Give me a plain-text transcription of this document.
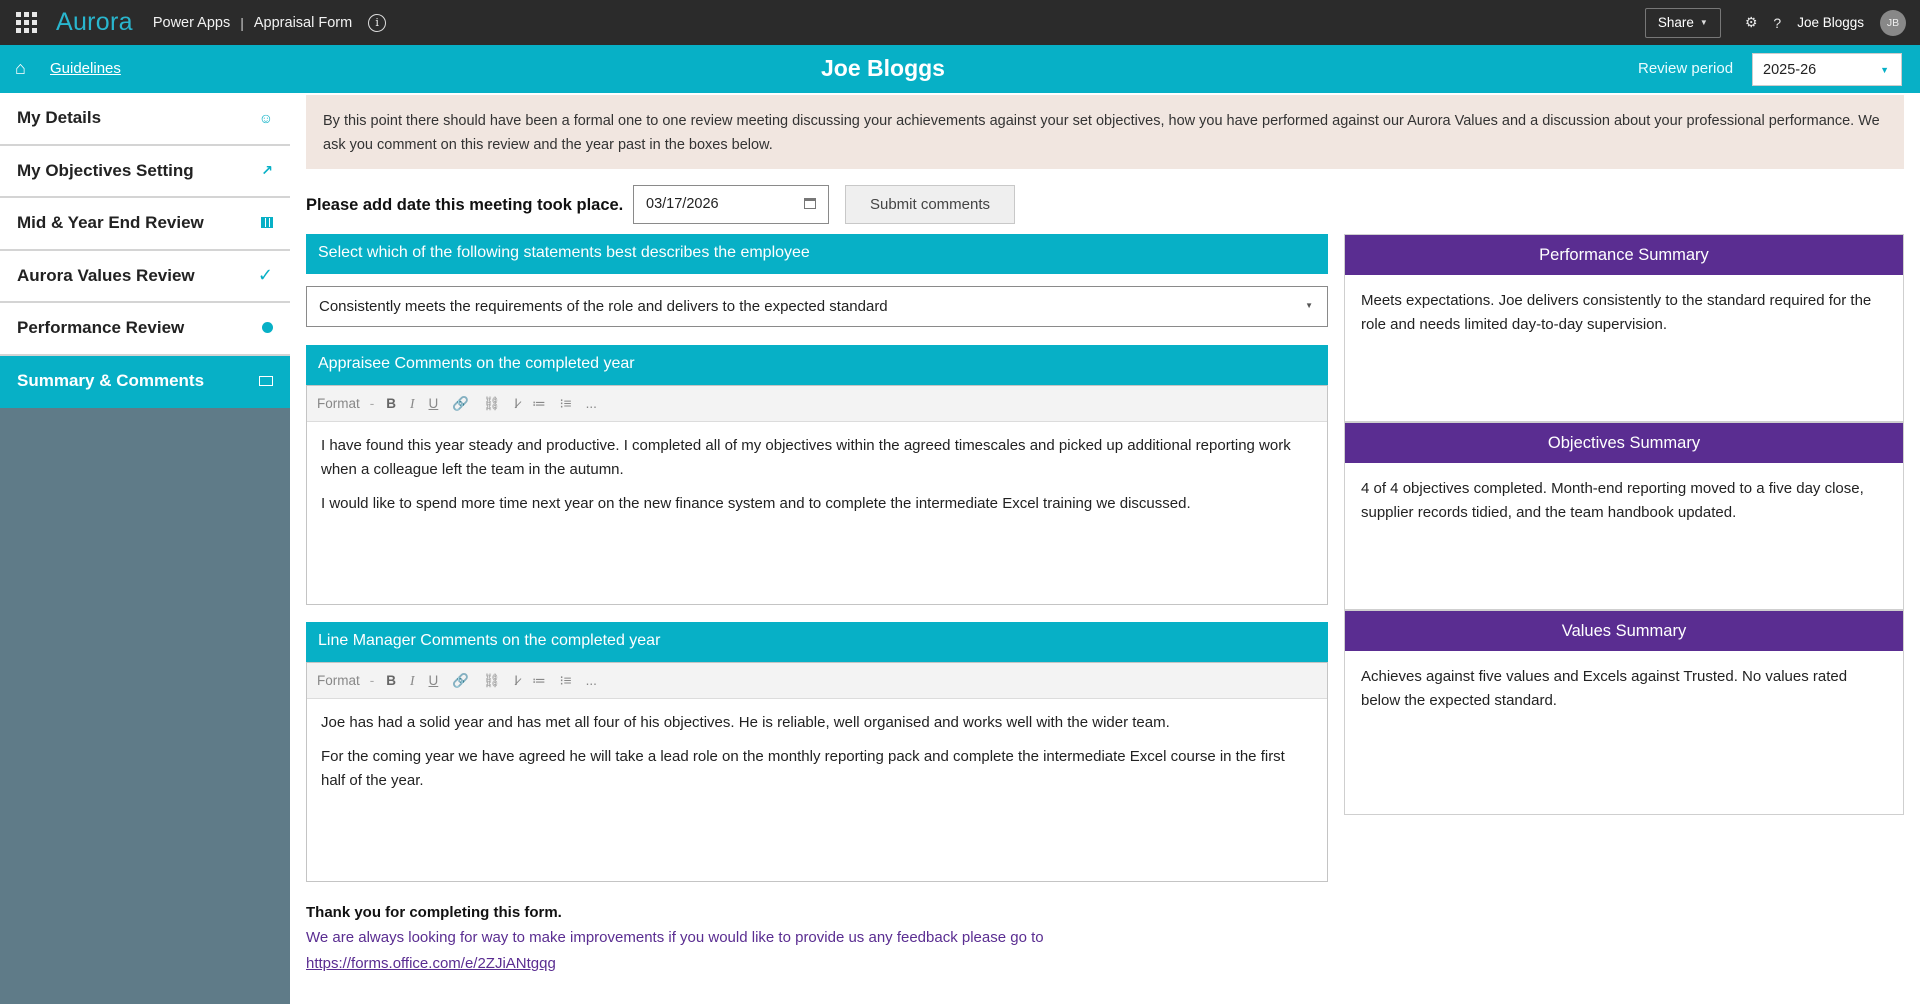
Aurora Power Apps | Appraisal Form	i	Share ▼	⚙ ? Joe Bloggs	JB
⌂ Guidelines	Joe Bloggs	Review period	2025-26	▼
My Details	☺
My Objectives Setting	↗
Mid & Year End Review
Aurora Values Review	✓
Performance Review
Summary & Comments
By this point there should have been a formal one to one review meeting discussing your achievements against your set objectives, how you have performed against our Aurora Values and a discussion about your professional performance. We ask you comment on this review and the year past in the boxes below.
Please add date this meeting took place.	03/17/2026	Submit comments
Select which of the following statements best describes the employee
Consistently meets the requirements of the role and delivers to the expected standard	▼
Appraisee Comments on the completed year
Format - B I U 🔗 ⛓ I̷ ≔ ⁝≡ ...

I have found this year steady and productive. I completed all of my objectives within the agreed timescales and picked up additional reporting work when a colleague left the team in the autumn.

I would like to spend more time next year on the new finance system and to complete the intermediate Excel training we discussed.

Line Manager Comments on the completed year
Format - B I U 🔗 ⛓ I̷ ≔ ⁝≡ ...

Joe has had a solid year and has met all four of his objectives. He is reliable, well organised and works well with the wider team.

For the coming year we have agreed he will take a lead role on the monthly reporting pack and complete the intermediate Excel course in the first half of the year.

Performance Summary
Meets expectations. Joe delivers consistently to the standard required for the role and needs limited day-to-day supervision.
Objectives Summary
4 of 4 objectives completed. Month-end reporting moved to a five day close, supplier records tidied, and the team handbook updated.
Values Summary
Achieves against five values and Excels against Trusted. No values rated below the expected standard.
Thank you for completing this form.
We are always looking for way to make improvements if you would like to provide us any feedback please go to
https://forms.office.com/e/2ZJiANtgqg
